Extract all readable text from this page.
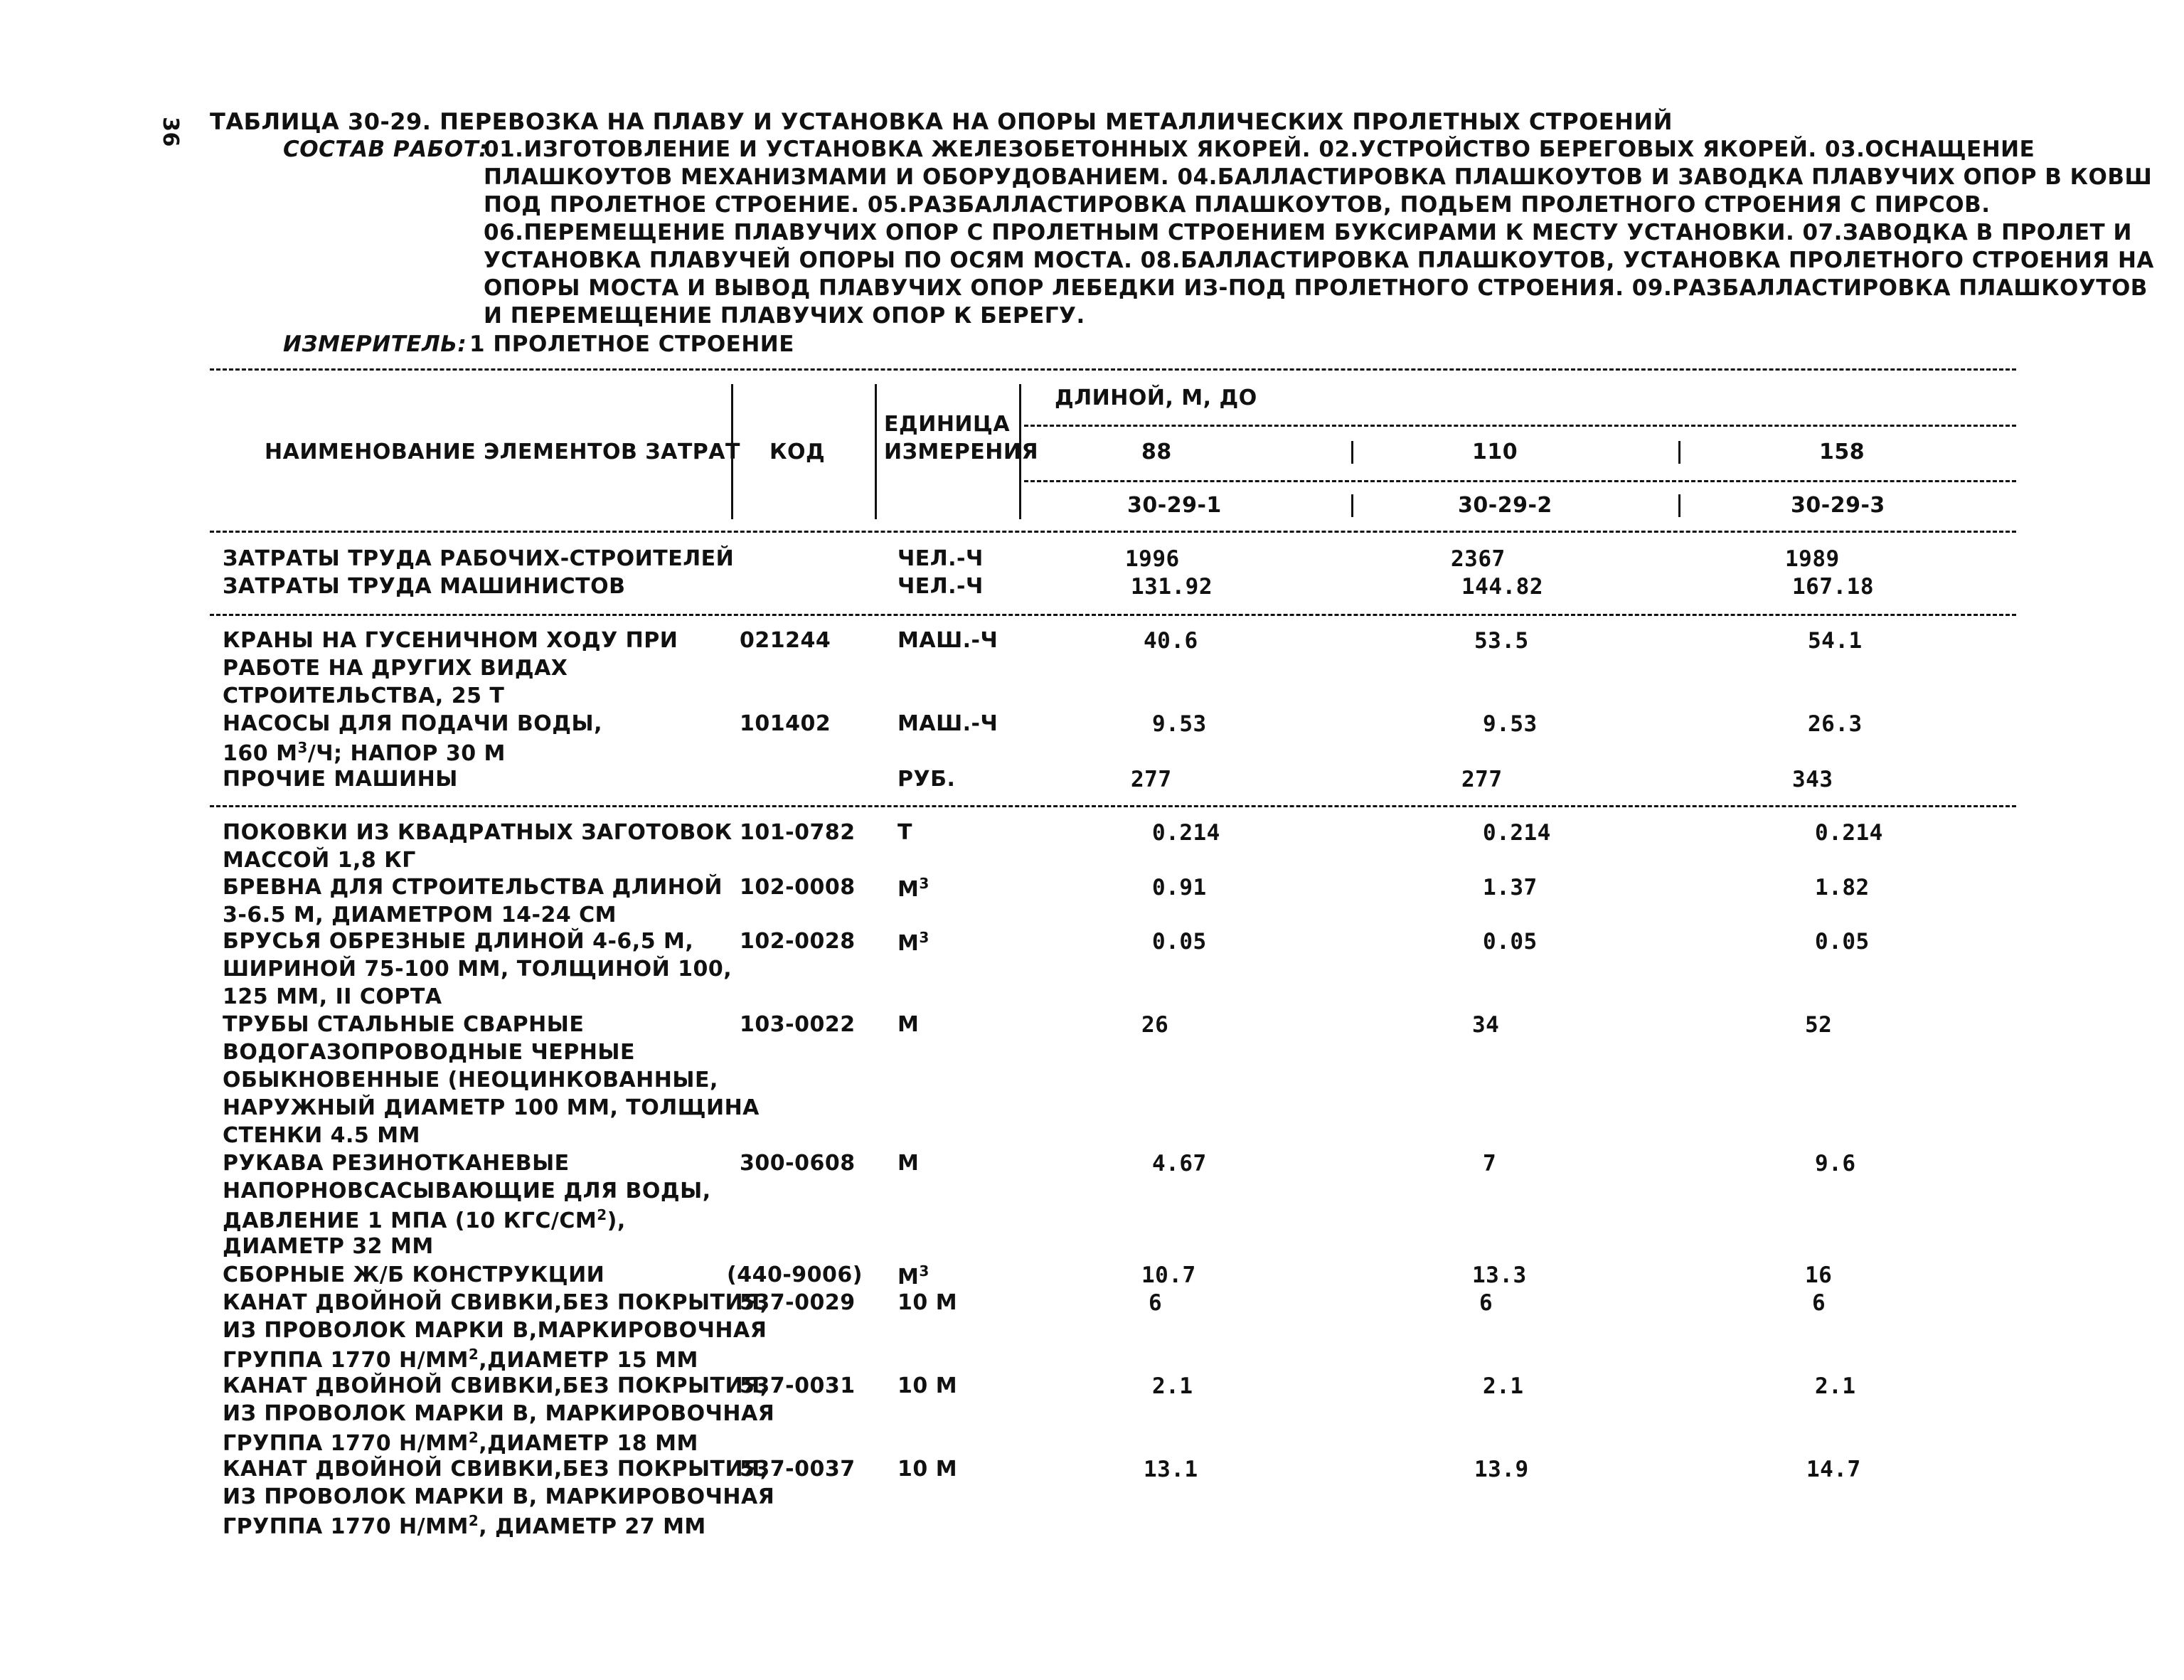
36 ТАБЛИЦА 30-29. ПЕРЕВОЗКА НА ПЛАВУ И УСТАНОВКА НА ОПОРЫ МЕТАЛЛИЧЕСКИХ ПРОЛЕТНЫХ СТРОЕНИЙ
СОСТАВ РАБОТ:
01.ИЗГОТОВЛЕНИЕ И УСТАНОВКА ЖЕЛЕЗОБЕТОННЫХ ЯКОРЕЙ. 02.УСТРОЙСТВО БЕРЕГОВЫХ ЯКОРЕЙ. 03.ОСНАЩЕНИЕ
ПЛАШКОУТОВ МЕХАНИЗМАМИ И ОБОРУДОВАНИЕМ. 04.БАЛЛАСТИРОВКА ПЛАШКОУТОВ И ЗАВОДКА ПЛАВУЧИХ ОПОР В КОВШ
ПОД ПРОЛЕТНОЕ СТРОЕНИЕ. 05.РАЗБАЛЛАСТИРОВКА ПЛАШКОУТОВ, ПОДЬЕМ ПРОЛЕТНОГО СТРОЕНИЯ С ПИРСОВ.
06.ПЕРЕМЕЩЕНИЕ ПЛАВУЧИХ ОПОР С ПРОЛЕТНЫМ СТРОЕНИЕМ БУКСИРАМИ К МЕСТУ УСТАНОВКИ. 07.ЗАВОДКА В ПРОЛЕТ И
УСТАНОВКА ПЛАВУЧЕЙ ОПОРЫ ПО ОСЯМ МОСТА. 08.БАЛЛАСТИРОВКА ПЛАШКОУТОВ, УСТАНОВКА ПРОЛЕТНОГО СТРОЕНИЯ НА
ОПОРЫ МОСТА И ВЫВОД ПЛАВУЧИХ ОПОР ЛЕБЕДКИ ИЗ-ПОД ПРОЛЕТНОГО СТРОЕНИЯ. 09.РАЗБАЛЛАСТИРОВКА ПЛАШКОУТОВ
И ПЕРЕМЕЩЕНИЕ ПЛАВУЧИХ ОПОР К БЕРЕГУ.
ИЗМЕРИТЕЛЬ: 1 ПРОЛЕТНОЕ СТРОЕНИЕ
НАИМЕНОВАНИЕ ЭЛЕМЕНТОВ ЗАТРАТ КОД
ЕДИНИЦА
ИЗМЕРЕНИЯ
ДЛИНОЙ, М, ДО
88	110	158
30-29-1	30-29-2	30-29-3
ЗАТРАТЫ ТРУДА РАБОЧИХ-СТРОИТЕЛЕЙ	ЧЕЛ.-Ч	1996	2367	1989
ЗАТРАТЫ ТРУДА МАШИНИСТОВ	ЧЕЛ.-Ч	131.92	144.82	167.18
КРАНЫ НА ГУСЕНИЧНОМ ХОДУ ПРИ
РАБОТЕ НА ДРУГИХ ВИДАХ
СТРОИТЕЛЬСТВА, 25 Т
021244	МАШ.-Ч	40.6	53.5	54.1
НАСОСЫ ДЛЯ ПОДАЧИ ВОДЫ,
160 $М^3/Ч$; НАПОР 30 М
101402	МАШ.-Ч	9.53	9.53	26.3
ПРОЧИЕ МАШИНЫ	РУБ.	277	277	343
ПОКОВКИ ИЗ КВАДРАТНЫХ ЗАГОТОВОК
МАССОЙ 1,8 КГ
101-0782 Т	0.214	0.214	0.214
БРЕВНА ДЛЯ СТРОИТЕЛЬСТВА ДЛИНОЙ
3-6.5 М, ДИАМЕТРОМ 14-24 СМ
102-0008 $М^3$	0.91	1.37	1.82
БРУСЬЯ ОБРЕЗНЫЕ ДЛИНОЙ 4-6,5 М,
ШИРИНОЙ 75-100 ММ, ТОЛЩИНОЙ 100,
125 ММ, II СОРТА
102-0028 $М^3$	0.05	0.05	0.05
ТРУБЫ СТАЛЬНЫЕ СВАРНЫЕ
ВОДОГАЗОПРОВОДНЫЕ ЧЕРНЫЕ
ОБЫКНОВЕННЫЕ (НЕОЦИНКОВАННЫЕ,
НАРУЖНЫЙ ДИАМЕТР 100 ММ, ТОЛЩИНА
СТЕНКИ 4.5 ММ
103-0022 М	26	34	52
РУКАВА РЕЗИНОТКАНЕВЫЕ
НАПОРНОВСАСЫВАЮЩИЕ ДЛЯ ВОДЫ,
ДАВЛЕНИЕ 1 МПА (10 КГС/$СМ^2$),
ДИАМЕТР 32 ММ
300-0608 М	4.67	7	9.6
СБОРНЫЕ Ж/Б КОНСТРУКЦИИ	(440-9006) $М^3$	10.7	13.3	16
КАНАТ ДВОЙНОЙ СВИВКИ,БЕЗ ПОКРЫТИЯ,
ИЗ ПРОВОЛОК МАРКИ В,МАРКИРОВОЧНАЯ
ГРУППА 1770 $Н/ММ^2,ДИАМЕТР$ 15 ММ
537-0029 10 М	6	6	6
КАНАТ ДВОЙНОЙ СВИВКИ,БЕЗ ПОКРЫТИЯ,
ИЗ ПРОВОЛОК МАРКИ В, МАРКИРОВОЧНАЯ
ГРУППА 1770 $Н/ММ^2,ДИАМЕТР$ 18 ММ
537-0031 10 М	2.1	2.1	2.1
КАНАТ ДВОЙНОЙ СВИВКИ,БЕЗ ПОКРЫТИЯ,
ИЗ ПРОВОЛОК МАРКИ В, МАРКИРОВОЧНАЯ
ГРУППА 1770 $Н/ММ^2$, ДИАМЕТР 27 ММ
537-0037 10 М	13.1	13.9	14.7
